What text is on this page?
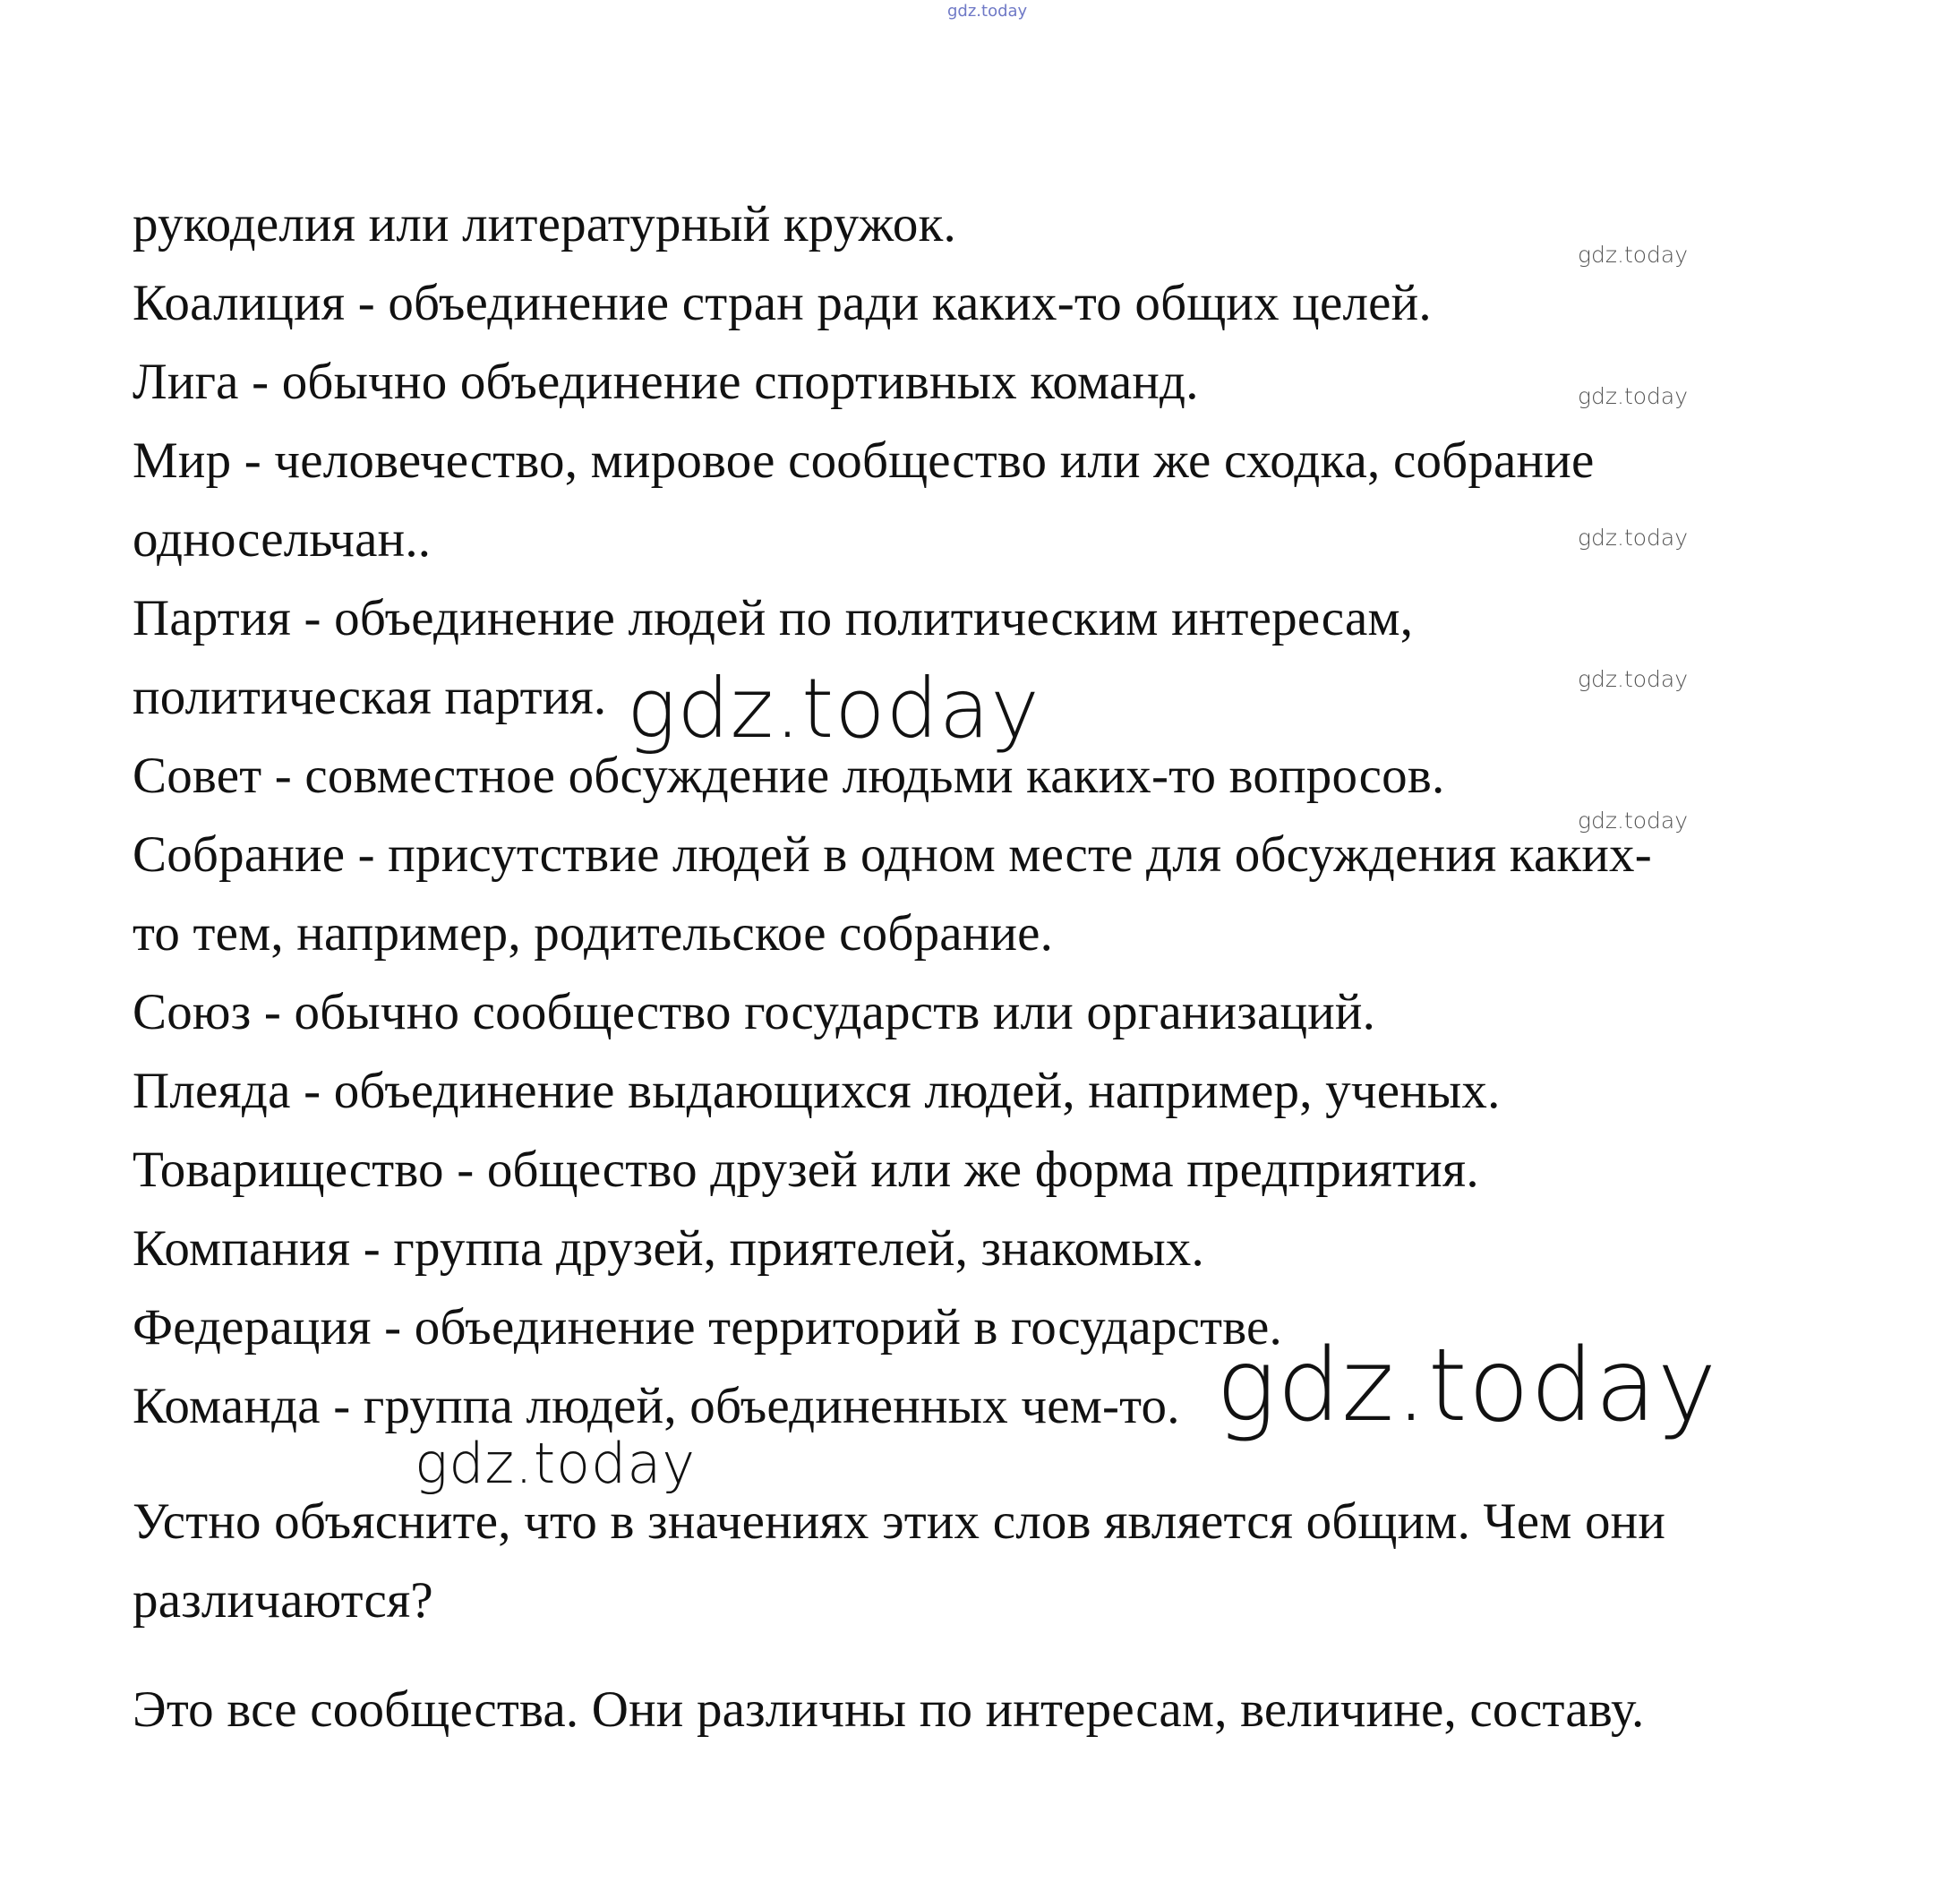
gdz.today
рукоделия или литературный кружок.
Коалиция - объединение стран ради каких-то общих целей.
Лига - обычно объединение спортивных команд.
Мир - человечество, мировое сообщество или же сходка, собрание
односельчан..
Партия - объединение людей по политическим интересам,
политическая партия.
Совет - совместное обсуждение людьми каких-то вопросов.
Собрание - присутствие людей в одном месте для обсуждения каких-
то тем, например, родительское собрание.
Союз - обычно сообщество государств или организаций.
Плеяда - объединение выдающихся людей, например, ученых.
Товарищество - общество друзей или же форма предприятия.
Компания - группа друзей, приятелей, знакомых.
Федерация - объединение территорий в государстве.
Команда - группа людей, объединенных чем-то.
Устно объясните, что в значениях этих слов является общим. Чем они
различаются?
Это все сообщества. Они различны по интересам, величине, составу.
gdz.today
gdz.today
gdz.today
gdz.today
gdz.today
gdz.today
gdz.today
gdz.today
